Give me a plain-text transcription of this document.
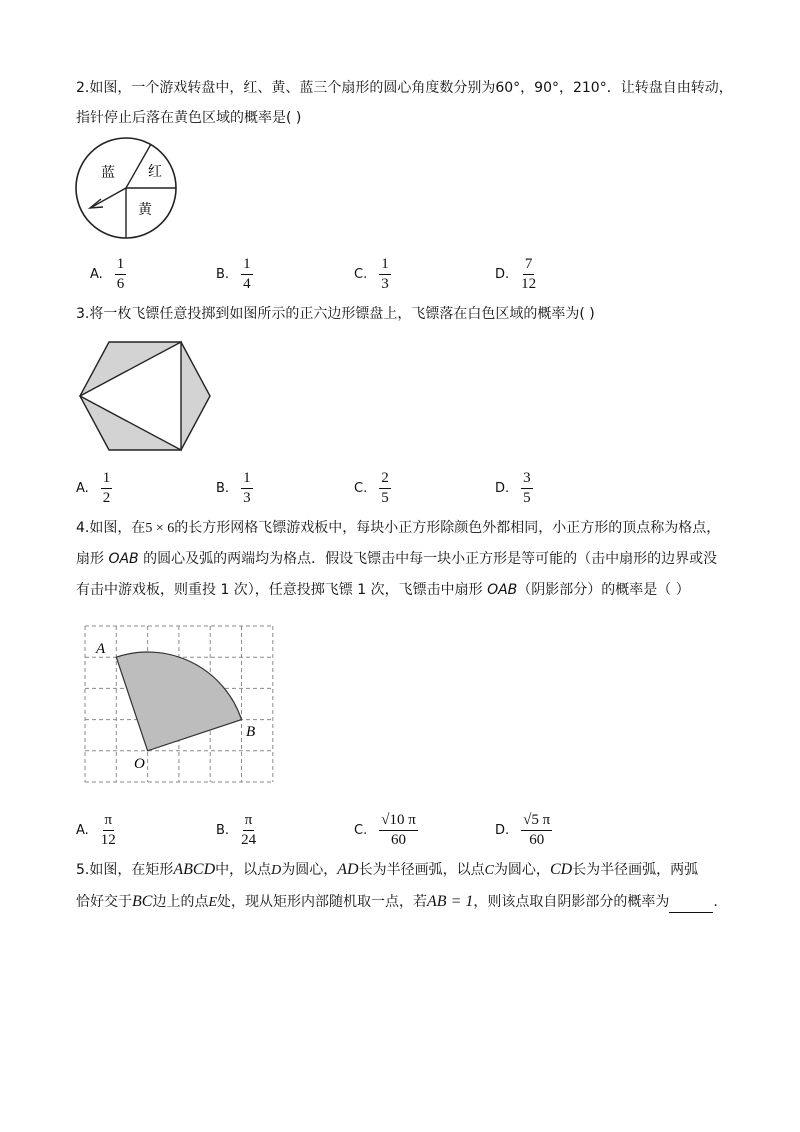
2.如图，一个游戏转盘中，红、黄、蓝三个扇形的圆心角度数分别为60°，90°，210°．让转盘自由转动，
指针停止后落在黄色区域的概率是( )
蓝 红
黄
A. $\frac{1}{6}$	B. $\frac{1}{4}$	C. $\frac{1}{3}$	D. $\frac{7}{12}$
3.将一枚飞镖任意投掷到如图所示的正六边形镖盘上，飞镖落在白色区域的概率为( )
A. $\frac{1}{2}$	B. $\frac{1}{3}$	C. $\frac{2}{5}$	D. $\frac{3}{5}$
4.如图，在5 × 6的长方形网格飞镖游戏板中，每块小正方形除颜色外都相同，小正方形的顶点称为格点，
扇形 OAB 的圆心及弧的两端均为格点．假设飞镖击中每一块小正方形是等可能的（击中扇形的边界或没
有击中游戏板，则重投 1 次），任意投掷飞镖 1 次，飞镖击中扇形 OAB（阴影部分）的概率是（ ）
A
B
O
A. $\frac{\pi}{12}$	B. $\frac{\pi}{24}$	C. $\frac{√10 \pi}{60}$	D. $\frac{√5 \pi}{60}$
5.如图，在矩形ABCD中，以点D为圆心，AD长为半径画弧，以点C为圆心，CD长为半径画弧，两弧
恰好交于BC边上的点E处，现从矩形内部随机取一点，若AB = 1，则该点取自阴影部分的概率为	.
